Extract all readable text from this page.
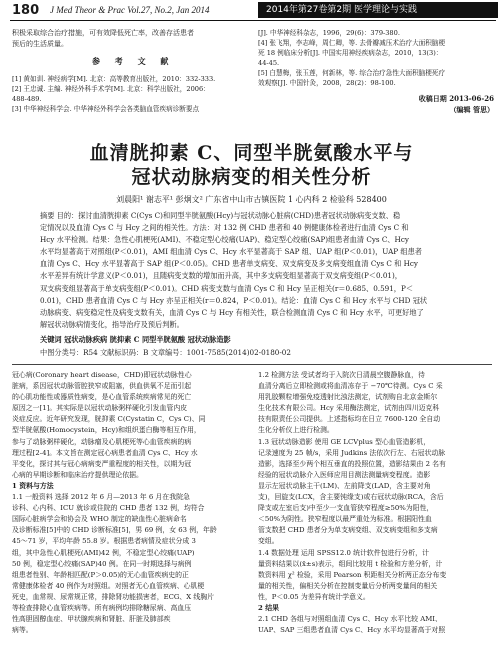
180 J Med Theor & Prac Vol.27, No.2, Jan 2014	2014年第27卷第2期 医学理论与实践
积极采取综合治疗措施，可有效降低死亡率，改善存活患者
预后的生活质量。
参 考 文 献
[1] 黄如训. 神经病学[M]. 北京：高等教育出版社，2010：332-333.
[2] 王忠诚. 主编. 神经外科手术学[M]. 北京：科学出版社，2006：
488-489.
[3] 中华神经科学会. 中华神经外科学会各类脑血管疾病诊断要点
[J]. 中华神经科杂志，1996，29(6)：379-380.
[4] 张飞翔，李志峰，周仁卿，等. 去骨瓣减压术治疗大面积脑梗
死 18 例临床分析[J]. 中国实用神经疾病杂志，2010，13(3)：
44-45.
[5] 白慧梅，张玉莲，何新林，等. 综合治疗急性大面积脑梗死疗
效观察[J]. 中国针灸，2008，28(2)：98-100.
收稿日期 2013-06-26
（编辑 管思）
血清胱抑素 C、同型半胱氨酸水平与
冠状动脉病变的相关性分析
刘晨阳¹ 谢志平¹ 彭炯文² 广东省中山市古镇医院 1 心内科 2 检验科 528400
摘要 目的：探讨血清胱抑素 C(Cys C)和同型半胱氨酸(Hcy)与冠状动脉心脏病(CHD)患者冠状动脉病变支数、稳
定情况以及血清 Cys C 与 Hcy 之间的相关性。方法：对 132 例 CHD 患者和 40 例健康体检者进行血清 Cys C 和
Hcy 水平检测。结果：急性心肌梗死(AMI)、不稳定型心绞痛(UAP)、稳定型心绞痛(SAP)组患者血清 Cys C、Hcy
水平均显著高于对照组(P＜0.01)，AMI 组血清 Cys C、Hcy 水平显著高于 SAP 组、UAP 组(P＜0.01)，UAP 组患者
血清 Cys C、Hcy 水平显著高于 SAP 组(P＜0.05)。CHD 患者单支病变、双支病变及多支病变组血清 Cys C 和 Hcy
水平差异有统计学意义(P＜0.01)，且随病变支数的增加而升高，其中多支病变组显著高于双支病变组(P＜0.01)，
双支病变组显著高于单支病变组(P＜0.01)。CHD 病变支数与血清 Cys C 和 Hcy 呈正相关(r＝0.685、0.591，P＜
0.01)，CHD 患者血清 Cys C 与 Hcy 亦呈正相关(r＝0.824，P＜0.01)。结论：血清 Cys C 和 Hcy 水平与 CHD 冠状
动脉病变、病变稳定性及病变支数有关，血清 Cys C 与 Hcy 有相关性，联合检测血清 Cys C 和 Hcy 水平，可更好地了
解冠状动脉病情变化，指导治疗及预后判断。
关键词 冠状动脉疾病 胱抑素 C 同型半胱氨酸 冠状动脉造影
中图分类号：R54 文献标识码：B 文章编号：1001-7585(2014)02-0180-02
冠心病(Coronary heart disease，CHD)即冠状动脉性心
脏病，系因冠状动脉管腔狭窄或阻塞，供血供氧不足而引起
的心肌功能性或器质性病变，是心血管系统疾病常见的死亡
原因之一[1]。其实际是以冠状动脉粥样硬化引发血管内皮
炎症反应。近年研究发现，胱抑素 C(Cystatin C，Cys C)、同
型半胱氨酸(Homocystein，Hcy)和组织蛋白酶等相互作用，
参与了动脉粥样硬化，动脉瘤及心肌梗死等心血管疾病的病
理过程[2-4]。本文旨在测定冠心病患者血清 Cys C、Hcy 水
平变化，探讨其与冠心病病变严重程度的相关性，以期为冠
心病的早期诊断和临床治疗提供理论依据。
1 资料与方法
1.1 一般资料 选择 2012 年 6 月—2013 年 6 月在我院急
诊科、心内科、ICU 就诊或住院的 CHD 患者 132 例，均符合
国际心脏病学会和协会及 WHO 制定的缺血性心脏病命名
及诊断标准[5]中的 CHD 诊断标准[5]，男 69 例，女 63 例，年龄
45～71 岁，平均年龄 55.8 岁。根据患者病情及症状分成 3
组，其中急性心肌梗死(AMI)42 例，不稳定型心绞痛(UAP)
50 例，稳定型心绞痛(SAP)40 例。在同一时期选择与病例
组患者性别、年龄相匹配(P＞0.05)的无心血管疾病史的正
常健康体检者 40 例作为对照组。对照者无心血管疾病、心肌梗
死史，血常规、尿常规正常，排除肾功能损害者，ECG、X 线胸片
等检查排除心血管疾病等。所有病例均排除糖尿病、高血压
性高胆固醇血症、甲状腺疾病和肾脏、肝脏及肺部疾
病等。
1.2 检测方法 受试者均于入院次日清晨空腹静脉血，待
血清分离后立即检测或将血清冻存于 −70℃待测。Cys C 采
用乳胶颗粒增强免疫透射比浊法测定，试剂购自北京金斯尔
生化技术有限公司。Hcy 采用酶法测定，试剂由四川迈克科
技有限责任公司提供。上述指标均在日立 7600-120 全自动
生化分析仪上进行检测。
1.3 冠状动脉造影 使用 GE LCVplus 型心血管造影机，
记录速度为 25 帧/s，采用 Judkins 法依次行左、右冠状动脉
造影，选择至少两个相互垂直的投照位置，造影结果由 2 名有
经验的冠状动脉介入医师应用目测法测量病变程度。造影
显示左冠状动脉主干(LM)、左前降支(LAD，含主要对角
支)，回旋支(LCX，含主要钝缘支)或右冠状动脉(RCA，含后
降支或左室后支)中至少一支血管狭窄程度≥50%为阳性，
＜50%为阴性。狭窄程度以最严重处为标准。根据阳性血
管支数把 CHD 患者分为单支病变组、双支病变组和多支病
变组。
1.4 数据处理 运用 SPSS12.0 统计软件包进行分析，计
量资料结果以(x̄±s)表示，组间比较用 t 检验和方差分析，计
数资料用 χ² 检验，采用 Pearson 积距相关分析两正态分布变
量的相关性，偏相关分析在控制变量后分析两变量间的相关
性，P＜0.05 为差异有统计学意义。
2 结果
2.1 CHD 各组与对照组血清 Cys C、Hcy 水平比较 AMI、
UAP、SAP 三组患者血清 Cys C、Hcy 水平均显著高于对照
